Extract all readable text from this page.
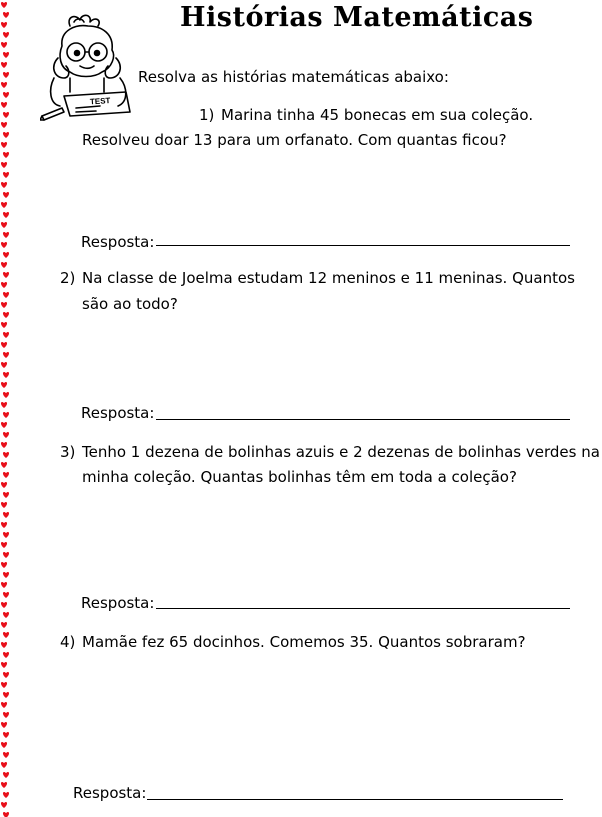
Histórias Matemáticas
TEST
Resolva as histórias matemáticas abaixo:
1) Marina tinha 45 bonecas em sua coleção.
Resolveu doar 13 para um orfanato. Com quantas ficou?
Resposta:
2) Na classe de Joelma estudam 12 meninos e 11 meninas. Quantos
são ao todo?
Resposta:
3) Tenho 1 dezena de bolinhas azuis e 2 dezenas de bolinhas verdes na
minha coleção. Quantas bolinhas têm em toda a coleção?
Resposta:
4) Mamãe fez 65 docinhos. Comemos 35. Quantos sobraram?
Resposta:
